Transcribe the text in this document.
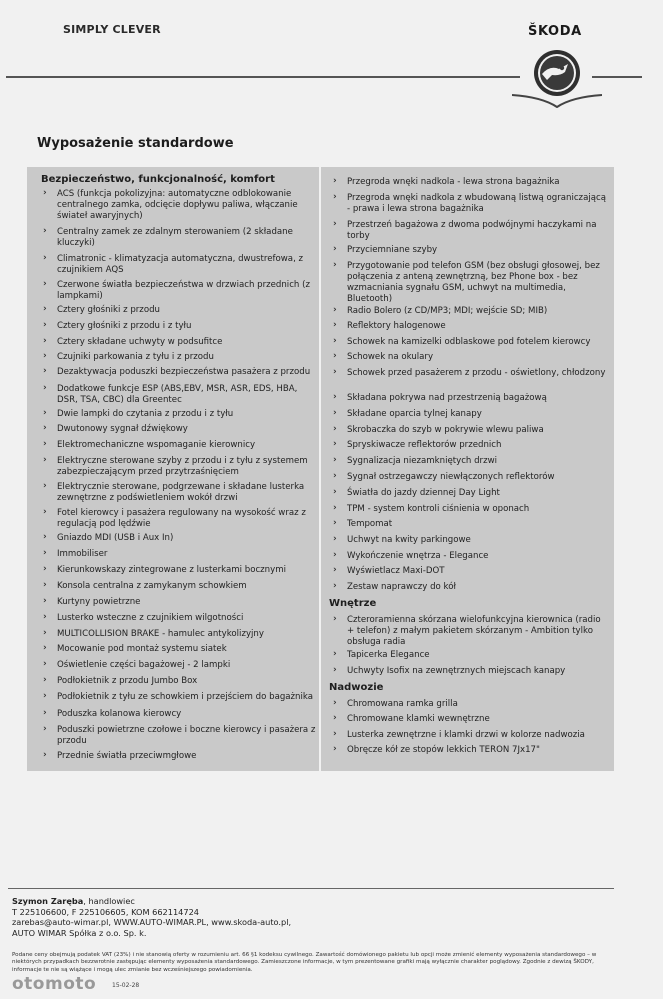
SIMPLY CLEVER	ŠKODA
Wyposażenie standardowe
Bezpieczeństwo, funkcjonalność, komfort
› ACS (funkcja pokolizyjna: automatyczne odblokowanie centralnego zamka, odcięcie dopływu paliwa, włączanie świateł awaryjnych)
› Centralny zamek ze zdalnym sterowaniem (2 składane kluczyki)
› Climatronic - klimatyzacja automatyczna, dwustrefowa, z czujnikiem AQS
› Czerwone światła bezpieczeństwa w drzwiach przednich (z lampkami)
› Cztery głośniki z przodu
› Cztery głośniki z przodu i z tyłu
› Cztery składane uchwyty w podsufitce
› Czujniki parkowania z tyłu i z przodu
› Dezaktywacja poduszki bezpieczeństwa pasażera z przodu
› Dodatkowe funkcje ESP (ABS,EBV, MSR, ASR, EDS, HBA, DSR, TSA, CBC) dla Greentec
› Dwie lampki do czytania z przodu i z tyłu
› Dwutonowy sygnał dźwiękowy
› Elektromechaniczne wspomaganie kierownicy
› Elektryczne sterowane szyby z przodu i z tyłu z systemem zabezpieczającym przed przytrzaśnięciem
› Elektrycznie sterowane, podgrzewane i składane lusterka zewnętrzne z podświetleniem wokół drzwi
› Fotel kierowcy i pasażera regulowany na wysokość wraz z regulacją pod lędźwie
› Gniazdo MDI (USB i Aux In)
› Immobiliser
› Kierunkowskazy zintegrowane z lusterkami bocznymi
› Konsola centralna z zamykanym schowkiem
› Kurtyny powietrzne
› Lusterko wsteczne z czujnikiem wilgotności
› MULTICOLLISION BRAKE - hamulec antykolizyjny
› Mocowanie pod montaż systemu siatek
› Oświetlenie części bagażowej - 2 lampki
› Podłokietnik z przodu Jumbo Box
› Podłokietnik z tyłu ze schowkiem i przejściem do bagażnika
› Poduszka kolanowa kierowcy
› Poduszki powietrzne czołowe i boczne kierowcy i pasażera z przodu
› Przednie światła przeciwmgłowe
› Przegroda wnęki nadkola - lewa strona bagażnika
› Przegroda wnęki nadkola z wbudowaną listwą ograniczającą - prawa i lewa strona bagażnika
› Przestrzeń bagażowa z dwoma podwójnymi haczykami na torby
› Przyciemniane szyby
› Przygotowanie pod telefon GSM (bez obsługi głosowej, bez połączenia z anteną zewnętrzną, bez Phone box - bez wzmacniania sygnału GSM, uchwyt na multimedia, Bluetooth)
› Radio Bolero (z CD/MP3; MDI; wejście SD; MIB)
› Reflektory halogenowe
› Schowek na kamizelki odblaskowe pod fotelem kierowcy
› Schowek na okulary
› Schowek przed pasażerem z przodu - oświetlony, chłodzony
› Składana pokrywa nad przestrzenią bagażową
› Składane oparcia tylnej kanapy
› Skrobaczka do szyb w pokrywie wlewu paliwa
› Spryskiwacze reflektorów przednich
› Sygnalizacja niezamkniętych drzwi
› Sygnał ostrzegawczy niewłączonych reflektorów
› Światła do jazdy dziennej Day Light
› TPM - system kontroli ciśnienia w oponach
› Tempomat
› Uchwyt na kwity parkingowe
› Wykończenie wnętrza - Elegance
› Wyświetlacz Maxi-DOT
› Zestaw naprawczy do kół
Wnętrze
› Czteroramienna skórzana wielofunkcyjna kierownica (radio + telefon) z małym pakietem skórzanym - Ambition tylko obsługa radia
› Tapicerka Elegance
› Uchwyty Isofix na zewnętrznych miejscach kanapy
Nadwozie
› Chromowana ramka grilla
› Chromowane klamki wewnętrzne
› Lusterka zewnętrzne i klamki drzwi w kolorze nadwozia
› Obręcze kół ze stopów lekkich TERON 7Jx17"
Szymon Zaręba, handlowiec
T 225106600, F 225106605, KOM 662114724
zarebas@auto-wimar.pl, WWW.AUTO-WIMAR.PL, www.skoda-auto.pl,
AUTO WIMAR Spółka z o.o. Sp. k.
Podane ceny obejmują podatek VAT (23%) i nie stanowią oferty w rozumieniu art. 66 §1 kodeksu cywilnego. Zawartość domówionego pakietu lub opcji może zmienić elementy wyposażenia standardowego – w
niektórych przypadkach bezzwrotnie zastępując elementy wyposażenia standardowego. Zamieszczone informacje, w tym prezentowane grafiki mają wyłącznie charakter poglądowy. Zgodnie z dewizą ŠKODY,
informacje te nie są wiążące i mogą ulec zmianie bez wcześniejszego powiadomienia.
otomoto	15-02-28
